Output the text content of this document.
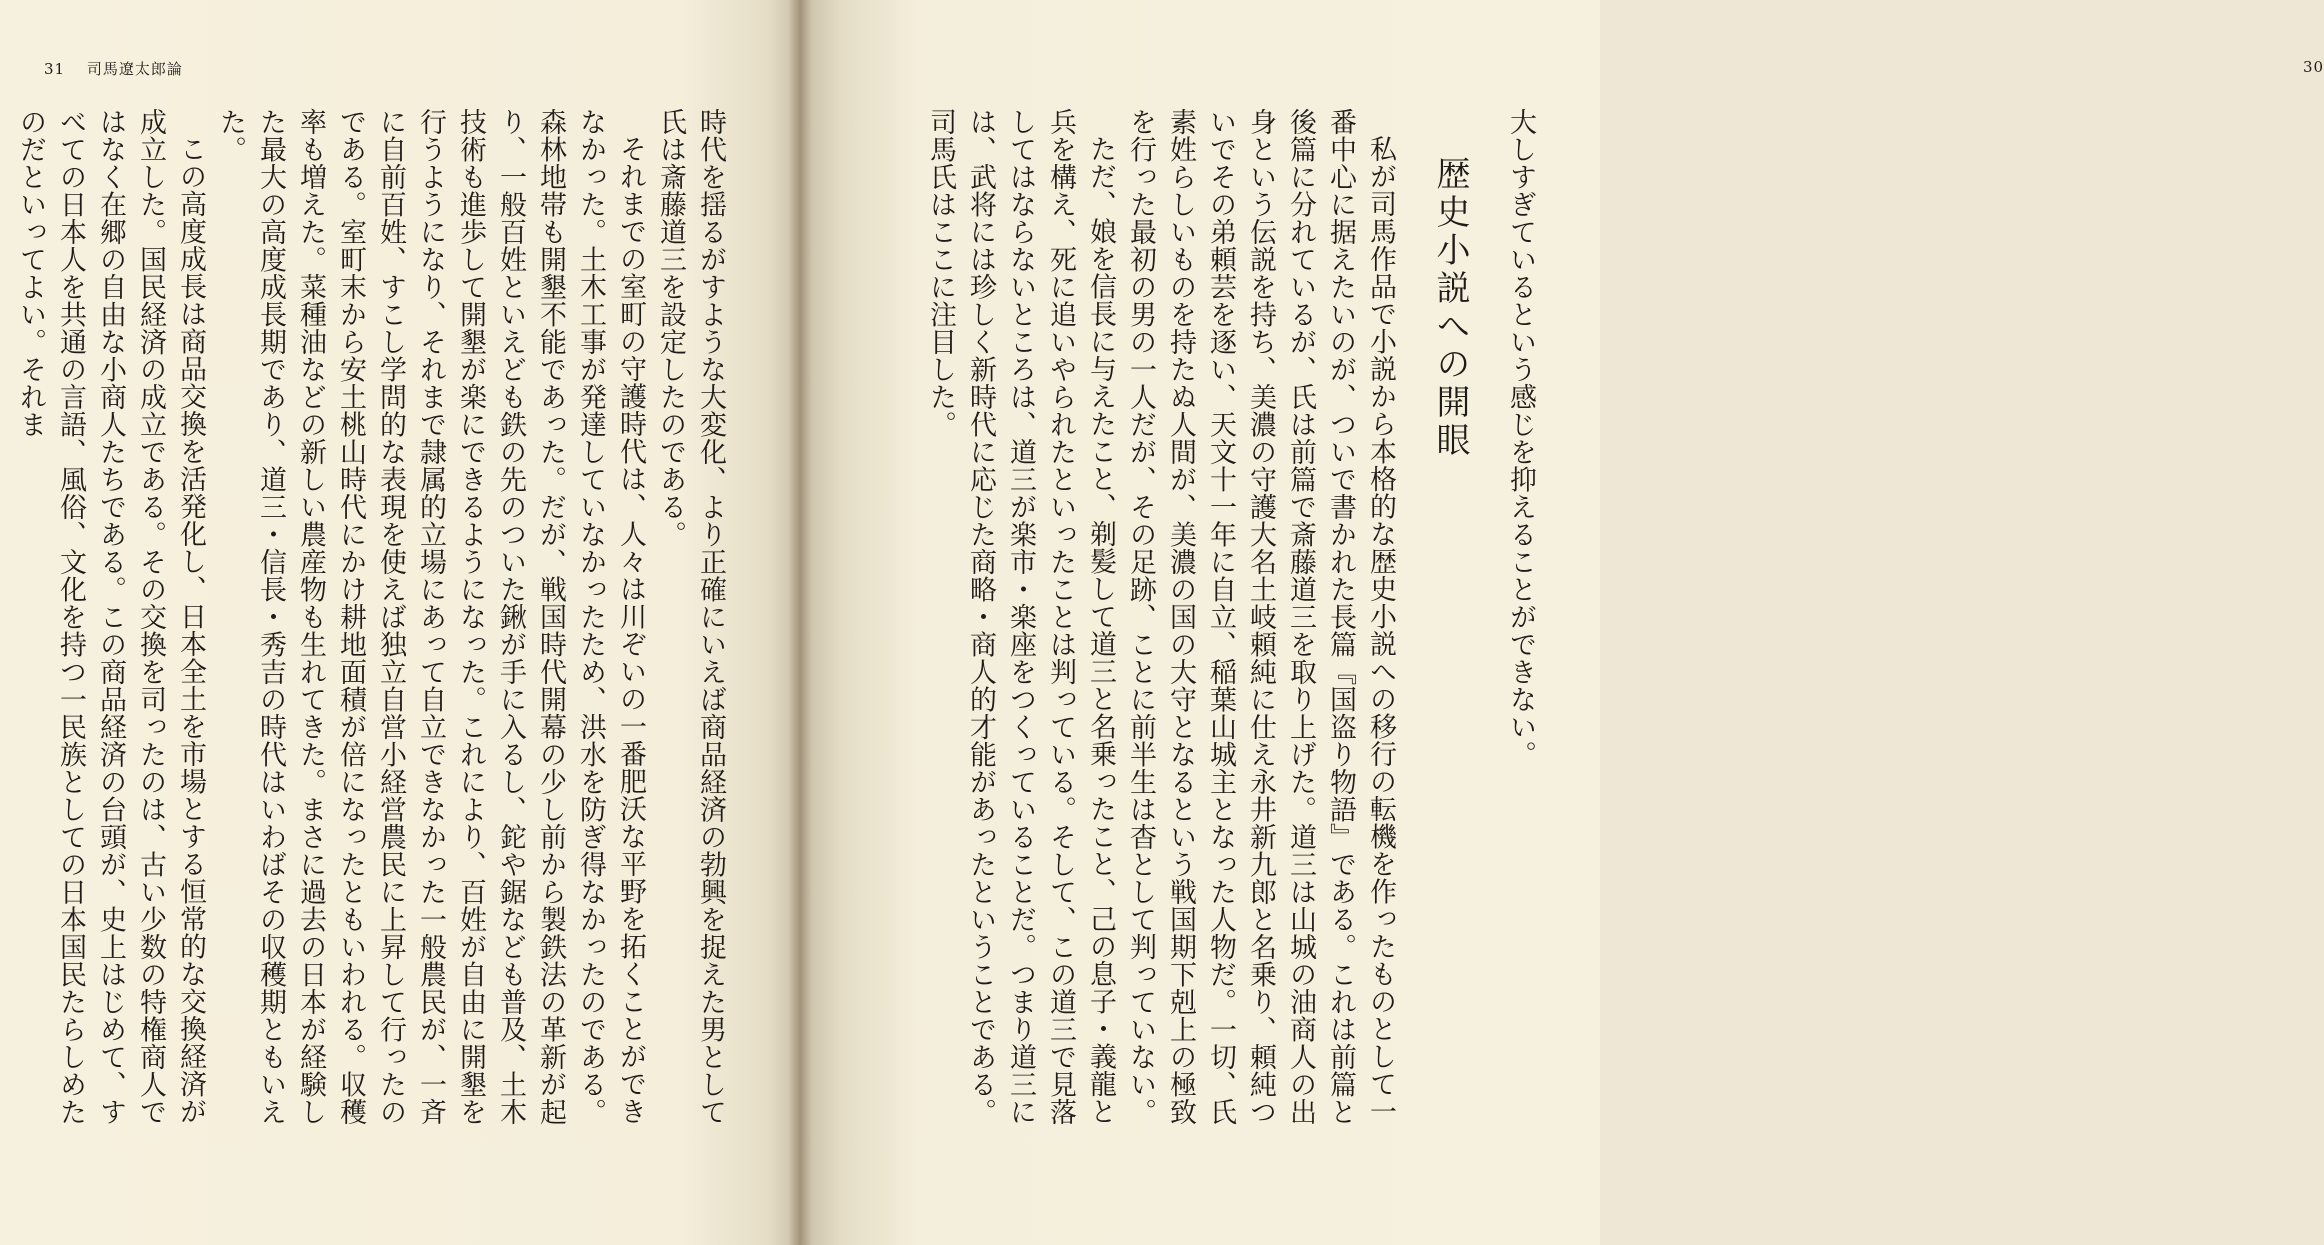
31 司馬遼太郎論

時代を揺るがすような大変化、より正確にいえば商品経済の勃興を捉えた男として氏は斎藤道三を設定したのである。

それまでの室町の守護時代は、人々は川ぞいの一番肥沃な平野を拓くことができなかった。土木工事が発達していなかったため、洪水を防ぎ得なかったのである。森林地帯も開墾不能であった。だが、戦国時代開幕の少し前から製鉄法の革新が起り、一般百姓といえども鉄の先のついた鍬が手に入るし、鉈や鋸なども普及、土木技術も進歩して開墾が楽にできるようになった。これにより、百姓が自由に開墾を行うようになり、それまで隷属的立場にあって自立できなかった一般農民が、一斉に自前百姓、すこし学問的な表現を使えば独立自営小経営農民に上昇して行ったのである。室町末から安土桃山時代にかけ耕地面積が倍になったともいわれる。収穫率も増えた。菜種油などの新しい農産物も生れてきた。まさに過去の日本が経験した最大の高度成長期であり、道三・信長・秀吉の時代はいわばその収穫期ともいえた。

この高度成長は商品交換を活発化し、日本全土を市場とする恒常的な交換経済が成立した。国民経済の成立である。その交換を司ったのは、古い少数の特権商人ではなく在郷の自由な小商人たちである。この商品経済の台頭が、史上はじめて、すべての日本人を共通の言語、風俗、文化を持つ一民族としての日本国民たらしめたのだといってよい。それま

30

大しすぎているという感じを抑えることができない。

歴史小説への開眼

私が司馬作品で小説から本格的な歴史小説への移行の転機を作ったものとして一番中心に据えたいのが、ついで書かれた長篇『国盗り物語』である。これは前篇と後篇に分れているが、氏は前篇で斎藤道三を取り上げた。道三は山城の油商人の出身という伝説を持ち、美濃の守護大名土岐頼純に仕え永井新九郎と名乗り、頼純ついでその弟頼芸を逐い、天文十一年に自立、稲葉山城主となった人物だ。一切、氏素姓らしいものを持たぬ人間が、美濃の国の大守となるという戦国期下剋上の極致を行った最初の男の一人だが、その足跡、ことに前半生は杳として判っていない。

ただ、娘を信長に与えたこと、剃髪して道三と名乗ったこと、己の息子・義龍と兵を構え、死に追いやられたといったことは判っている。そして、この道三で見落してはならないところは、道三が楽市・楽座をつくっていることだ。つまり道三には、武将には珍しく新時代に応じた商略・商人的才能があったということである。司馬氏はここに注目した。
